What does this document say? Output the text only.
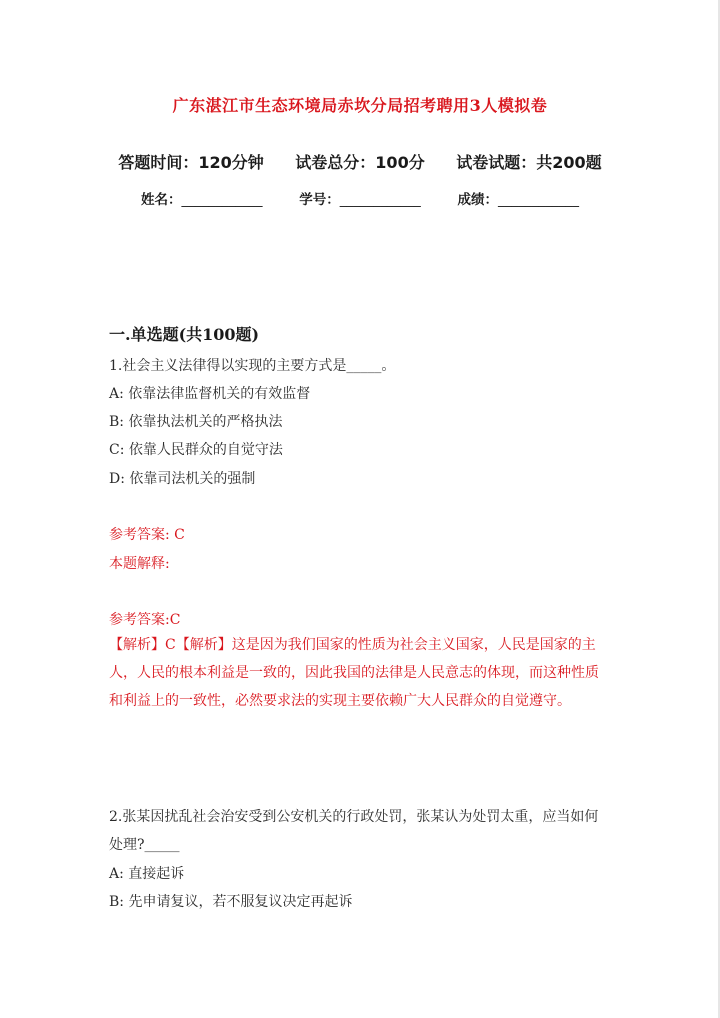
广东湛江市生态环境局赤坎分局招考聘用3人模拟卷
答题时间：120分钟 试卷总分：100分 试卷试题：共200题
姓名：____________	学号：____________	成绩：____________
一.单选题(共100题)
1.社会主义法律得以实现的主要方式是_____。
A: 依靠法律监督机关的有效监督
B: 依靠执法机关的严格执法
C: 依靠人民群众的自觉守法
D: 依靠司法机关的强制
参考答案: C
本题解释:
参考答案:C
【解析】C【解析】这是因为我们国家的性质为社会主义国家，人民是国家的主人，人民的根本利益是一致的，因此我国的法律是人民意志的体现，而这种性质和利益上的一致性，必然要求法的实现主要依赖广大人民群众的自觉遵守。
2.张某因扰乱社会治安受到公安机关的行政处罚，张某认为处罚太重，应当如何处理?_____
A: 直接起诉
B: 先申请复议，若不服复议决定再起诉
